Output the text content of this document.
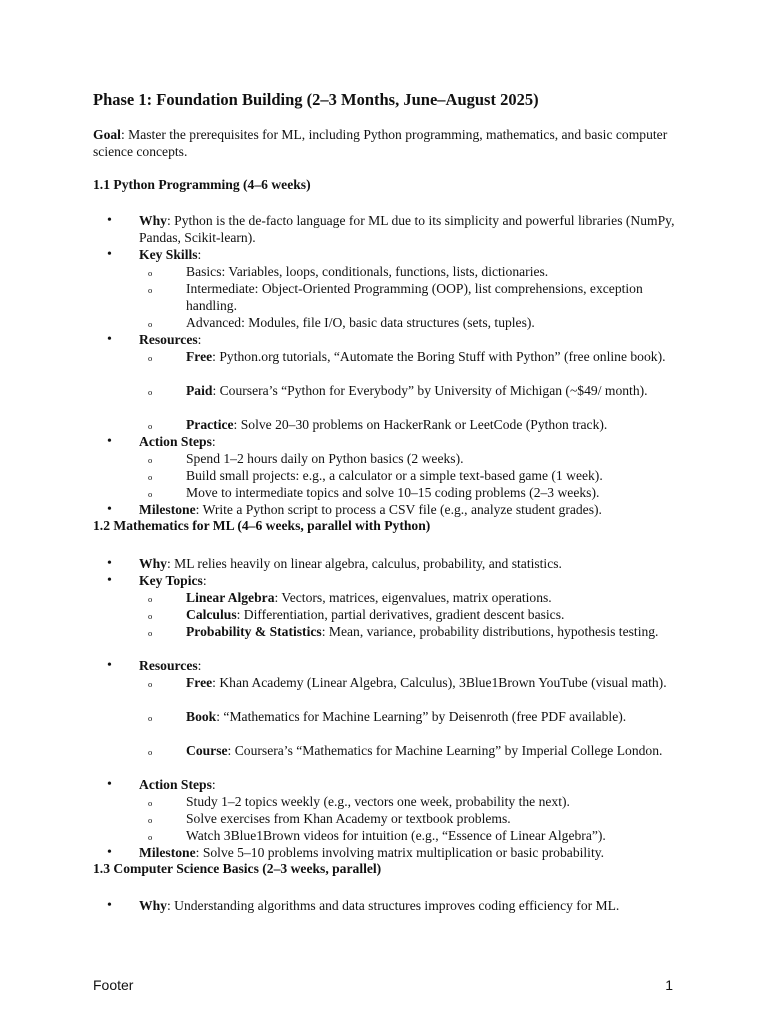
Phase 1: Foundation Building (2–3 Months, June–August 2025)
Goal: Master the prerequisites for ML, including Python programming, mathematics, and basic computer science concepts.
1.1 Python Programming (4–6 weeks)
• Why: Python is the de-facto language for ML due to its simplicity and powerful libraries (NumPy, Pandas, Scikit-learn).
• Key Skills:
o Basics: Variables, loops, conditionals, functions, lists, dictionaries.
o Intermediate: Object-Oriented Programming (OOP), list comprehensions, exception handling.
o Advanced: Modules, file I/O, basic data structures (sets, tuples).
• Resources:
o Free: Python.org tutorials, “Automate the Boring Stuff with Python” (free online book).
o Paid: Coursera’s “Python for Everybody” by University of Michigan (~$49/ month).
o Practice: Solve 20–30 problems on HackerRank or LeetCode (Python track).
• Action Steps:
o Spend 1–2 hours daily on Python basics (2 weeks).
o Build small projects: e.g., a calculator or a simple text-based game (1 week).
o Move to intermediate topics and solve 10–15 coding problems (2–3 weeks).
• Milestone: Write a Python script to process a CSV file (e.g., analyze student grades).
1.2 Mathematics for ML (4–6 weeks, parallel with Python)
• Why: ML relies heavily on linear algebra, calculus, probability, and statistics.
• Key Topics:
o Linear Algebra: Vectors, matrices, eigenvalues, matrix operations.
o Calculus: Differentiation, partial derivatives, gradient descent basics.
o Probability & Statistics: Mean, variance, probability distributions, hypothesis testing.
• Resources:
o Free: Khan Academy (Linear Algebra, Calculus), 3Blue1Brown YouTube (visual math).
o Book: “Mathematics for Machine Learning” by Deisenroth (free PDF available).
o Course: Coursera’s “Mathematics for Machine Learning” by Imperial College London.
• Action Steps:
o Study 1–2 topics weekly (e.g., vectors one week, probability the next).
o Solve exercises from Khan Academy or textbook problems.
o Watch 3Blue1Brown videos for intuition (e.g., “Essence of Linear Algebra”).
• Milestone: Solve 5–10 problems involving matrix multiplication or basic probability.
1.3 Computer Science Basics (2–3 weeks, parallel)
• Why: Understanding algorithms and data structures improves coding efficiency for ML.
Footer	1
